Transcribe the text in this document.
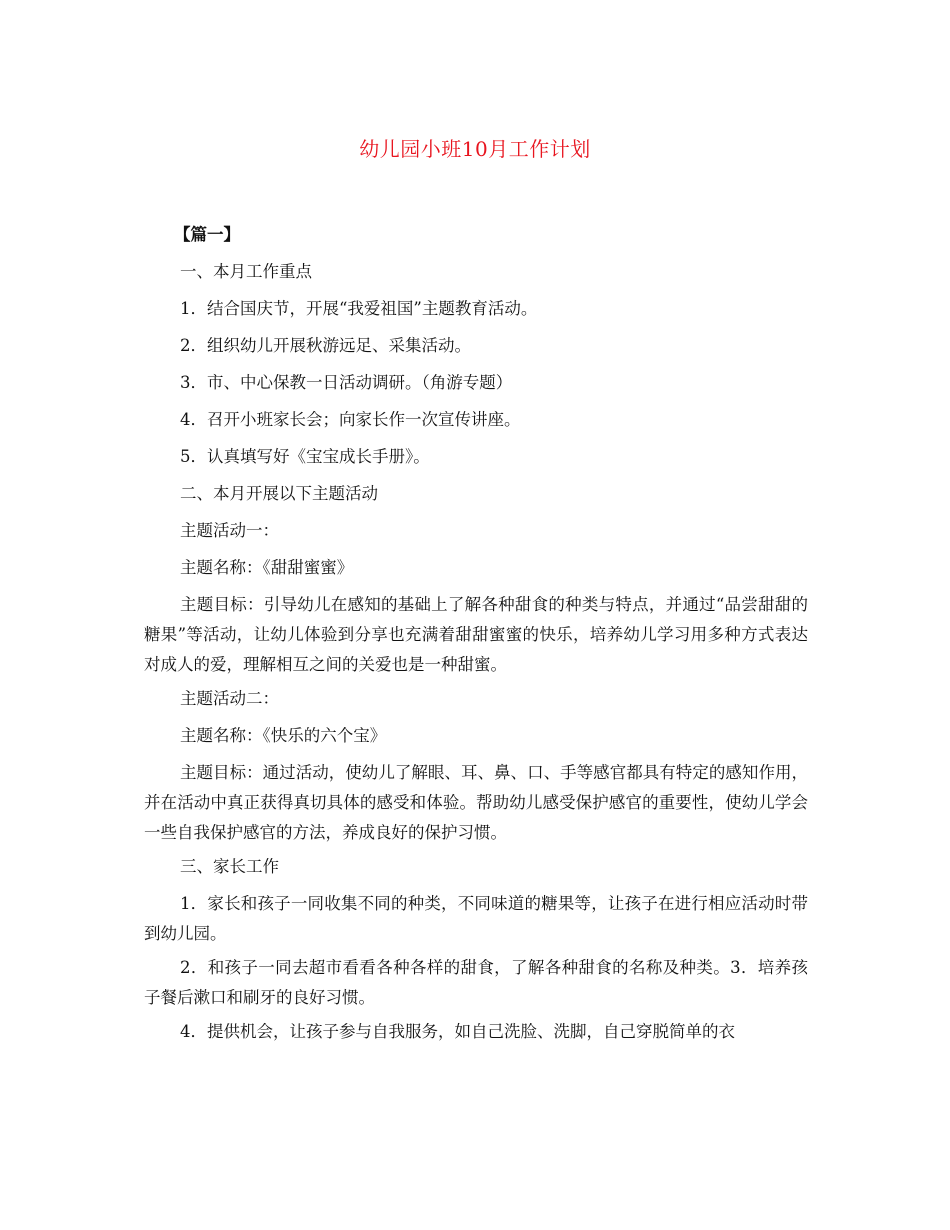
幼儿园小班10月工作计划

【篇一】

一、本月工作重点

1．结合国庆节，开展“我爱祖国”主题教育活动。

2．组织幼儿开展秋游远足、采集活动。

3．市、中心保教一日活动调研。（角游专题）

4．召开小班家长会；向家长作一次宣传讲座。

5．认真填写好《宝宝成长手册》。

二、本月开展以下主题活动

主题活动一：

主题名称：《甜甜蜜蜜》

主题目标：引导幼儿在感知的基础上了解各种甜食的种类与特点，并通过“品尝甜甜的糖果”等活动，让幼儿体验到分享也充满着甜甜蜜蜜的快乐，培养幼儿学习用多种方式表达对成人的爱，理解相互之间的关爱也是一种甜蜜。

主题活动二：

主题名称：《快乐的六个宝》

主题目标：通过活动，使幼儿了解眼、耳、鼻、口、手等感官都具有特定的感知作用，并在活动中真正获得真切具体的感受和体验。帮助幼儿感受保护感官的重要性，使幼儿学会一些自我保护感官的方法，养成良好的保护习惯。

三、家长工作

1．家长和孩子一同收集不同的种类，不同味道的糖果等，让孩子在进行相应活动时带到幼儿园。

2．和孩子一同去超市看看各种各样的甜食，了解各种甜食的名称及种类。3．培养孩子餐后漱口和刷牙的良好习惯。

4．提供机会，让孩子参与自我服务，如自己洗脸、洗脚，自己穿脱简单的衣
